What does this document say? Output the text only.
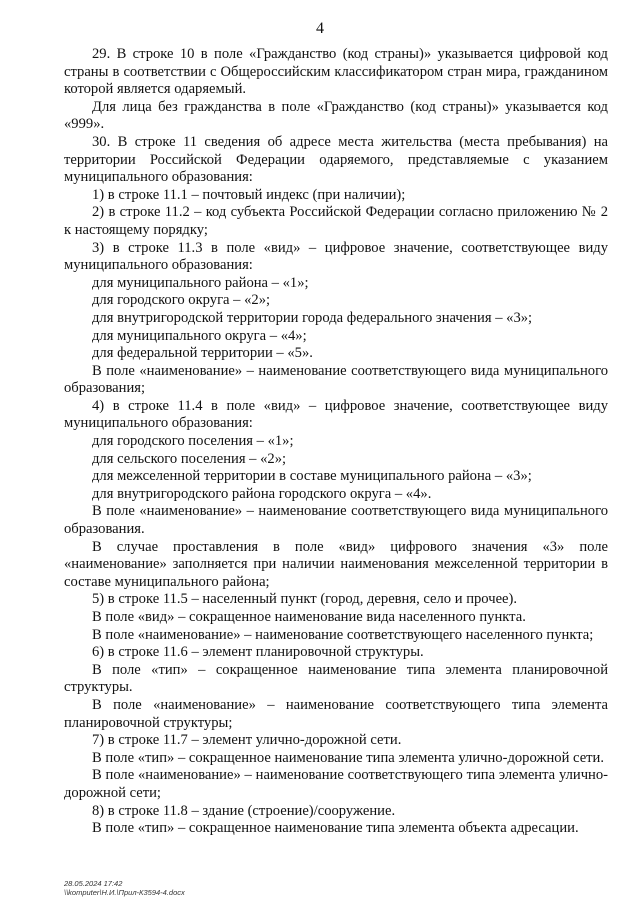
4

29. В строке 10 в поле «Гражданство (код страны)» указывается цифровой код страны в соответствии с Общероссийским классификатором стран мира, гражданином которой является одаряемый.

Для лица без гражданства в поле «Гражданство (код страны)» указывается код «999».

30. В строке 11 сведения об адресе места жительства (места пребывания) на территории Российской Федерации одаряемого, представляемые с указанием муниципального образования:

1) в строке 11.1 – почтовый индекс (при наличии);

2) в строке 11.2 – код субъекта Российской Федерации согласно приложению № 2 к настоящему порядку;

3) в строке 11.3 в поле «вид» – цифровое значение, соответствующее виду муниципального образования:

для муниципального района – «1»;

для городского округа – «2»;

для внутригородской территории города федерального значения – «3»;

для муниципального округа – «4»;

для федеральной территории – «5».

В поле «наименование» – наименование соответствующего вида муниципального образования;

4) в строке 11.4 в поле «вид» – цифровое значение, соответствующее виду муниципального образования:

для городского поселения – «1»;

для сельского поселения – «2»;

для межселенной территории в составе муниципального района – «3»;

для внутригородского района городского округа – «4».

В поле «наименование» – наименование соответствующего вида муниципального образования.

В случае проставления в поле «вид» цифрового значения «3» поле «наименование» заполняется при наличии наименования межселенной территории в составе муниципального района;

5) в строке 11.5 – населенный пункт (город, деревня, село и прочее).

В поле «вид» – сокращенное наименование вида населенного пункта.

В поле «наименование» – наименование соответствующего населенного пункта;

6) в строке 11.6 – элемент планировочной структуры.

В поле «тип» – сокращенное наименование типа элемента планировочной структуры.

В поле «наименование» – наименование соответствующего типа элемента планировочной структуры;

7) в строке 11.7 – элемент улично-дорожной сети.

В поле «тип» – сокращенное наименование типа элемента улично-дорожной сети.

В поле «наименование» – наименование соответствующего типа элемента улично-дорожной сети;

8) в строке 11.8 – здание (строение)/сооружение.

В поле «тип» – сокращенное наименование типа элемента объекта адресации.

28.05.2024 17:42
\\komputer\Н.И.\Прил-К3594-4.docx
